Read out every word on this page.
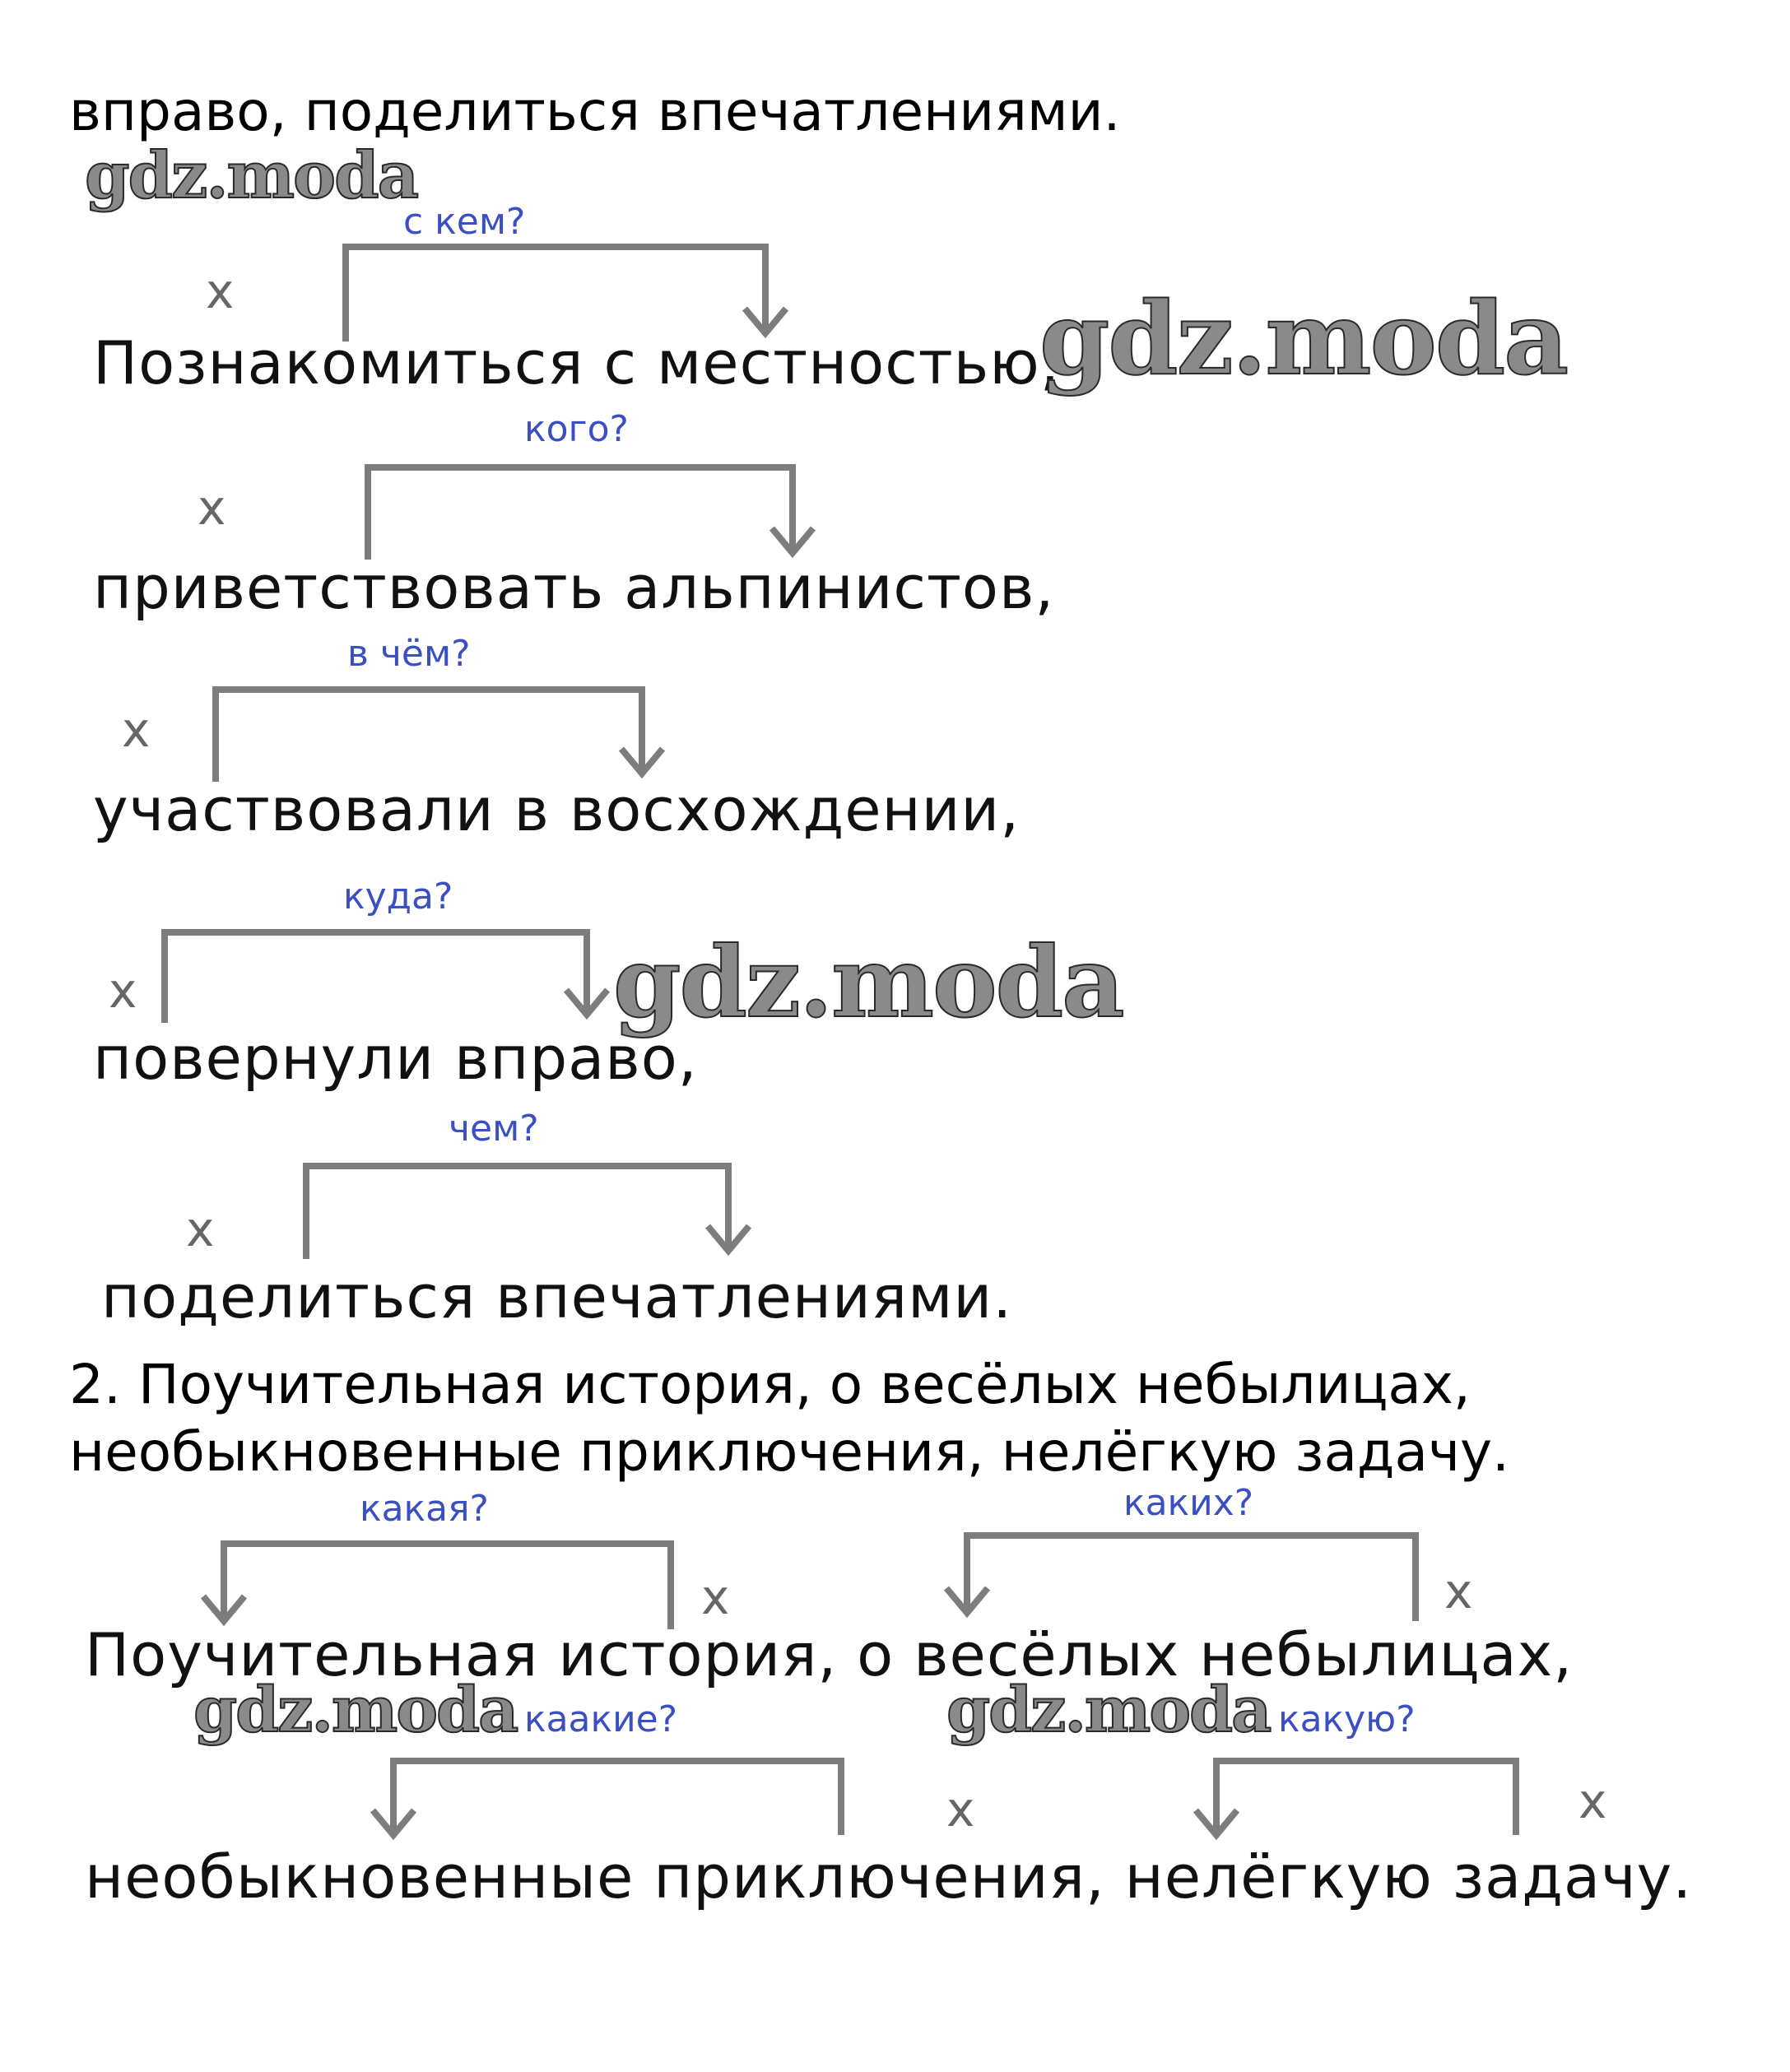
вправо, поделиться впечатлениями.
с кем?
x
Познакомиться с местностью,
кого?
x
приветствовать альпинистов,
в чём?
x
участвовали в восхождении,
куда?
x
повернули вправо,
чем?
x
поделиться впечатлениями.
2. Поучительная история, о весёлых небылицах,
необыкновенные приключения, нелёгкую задачу.
какая?	каких?
x	x
Поучительная история, о весёлых небылицах,
каакие?	какую?
x	x
необыкновенные приключения, нелёгкую задачу.
gdz.moda
gdz.moda
gdz.moda
gdz.moda	gdz.moda
